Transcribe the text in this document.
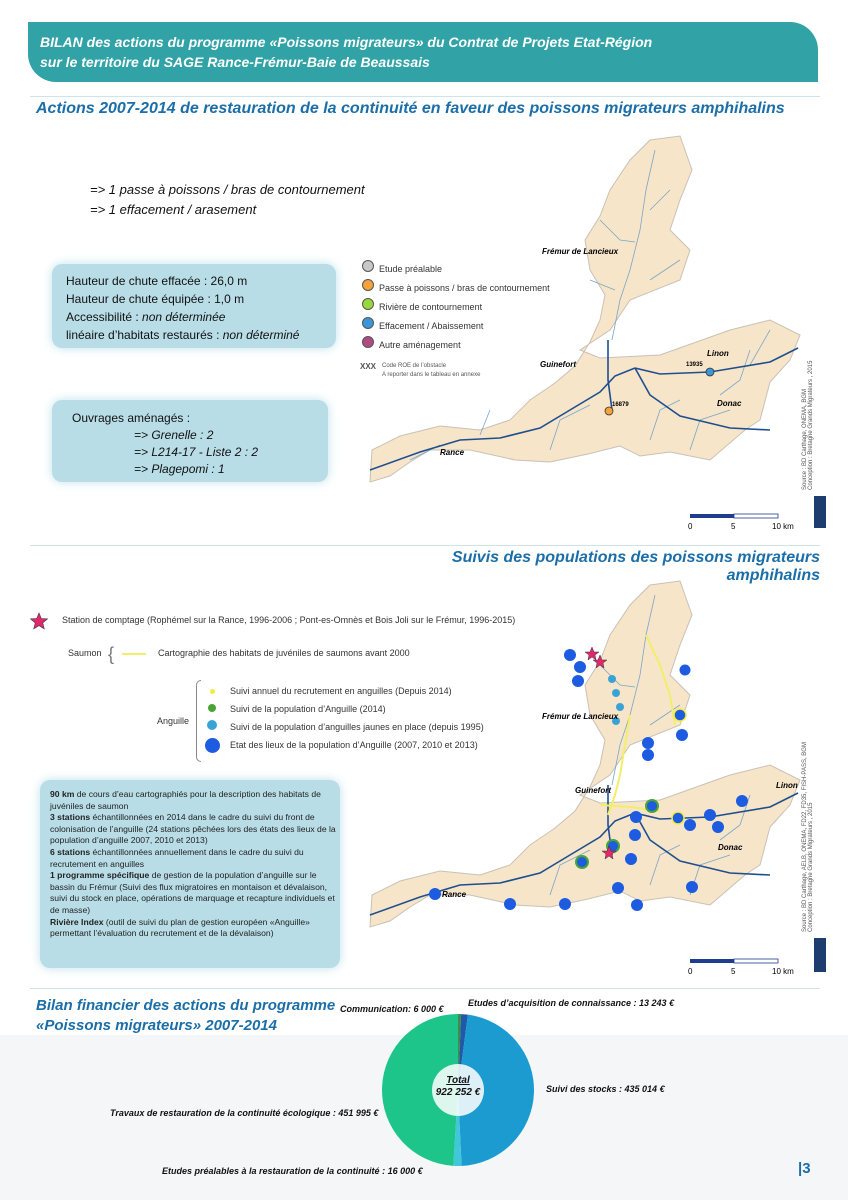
BILAN des actions du programme «Poissons migrateurs» du Contrat de Projets Etat-Région
sur le territoire du SAGE Rance-Frémur-Baie de Beaussais
Actions 2007-2014 de restauration de la continuité en faveur des poissons migrateurs amphihalins
=> 1 passe à poissons / bras de contournement
=> 1 effacement / arasement
Hauteur de chute effacée : 26,0 m
Hauteur de chute équipée : 1,0 m
Accessibilité : non déterminée
linéaire d’habitats restaurés : non déterminé
Ouvrages aménagés :
=> Grenelle : 2
=> L214-17 - Liste 2 : 2
=> Plagepomi : 1
Frémur de Lancieux
Guinefort
Linon
Donac
Rance
13935
16879
0	5	10 km
Etude préalable
Passe à poissons / bras de contournement
Rivière de contournement
Effacement / Abaissement
Autre aménagement
XXX Code ROE de l’obstacle
A reporter dans le tableau en annexe
Source : BD Carthage, ONEMA, BGM Conception : Bretagne Grands Migrateurs , 2015
Suivis des populations des poissons migrateurs amphihalins
Station de comptage (Rophémel sur la Rance, 1996-2006 ; Pont-es-Omnès et Bois Joli sur le Frémur, 1996-2015)
Saumon {	Cartographie des habitats de juvéniles de saumons avant 2000
Anguille
Suivi annuel du recrutement en anguilles (Depuis 2014)
Suivi de la population d’Anguille (2014)
Suivi de la population d’anguilles jaunes en place (depuis 1995)
Etat des lieux de la population d’Anguille (2007, 2010 et 2013)
90 km de cours d’eau cartographiés pour la description des habitats de juvéniles de saumon
3 stations échantillonnées en 2014 dans le cadre du suivi du front de colonisation de l’anguille (24 stations pêchées lors des états des lieux de la population d’anguille 2007, 2010 et 2013)
6 stations échantillonnées annuellement dans le cadre du suivi du recrutement en anguilles
1 programme spécifique de gestion de la population d’anguille sur le bassin du Frémur (Suivi des flux migratoires en montaison et dévalaison, suivi du stock en place, opérations de marquage et recapture individuels et de masse)
Rivière Index (outil de suivi du plan de gestion européen «Anguille» permettant l’évaluation du recrutement et de la dévalaison)
Frémur de Lancieux
Guinefort
Linon
Donac
Rance
0	5	10 km
Source : BD Carthage, AELB, ONEMA, FD22, FD35, FISH-PASS, BGM Conception : Bretagne Grands Migrateurs , 2015
Bilan financier des actions du programme
«Poissons migrateurs» 2007-2014
Total
922 252 €
Communication: 6 000 €
Etudes d’acquisition de connaissance : 13 243 €
Suivi des stocks : 435 014 €
Etudes préalables à la restauration de la continuité : 16 000 €
Travaux de restauration de la continuité écologique : 451 995 €
|3
